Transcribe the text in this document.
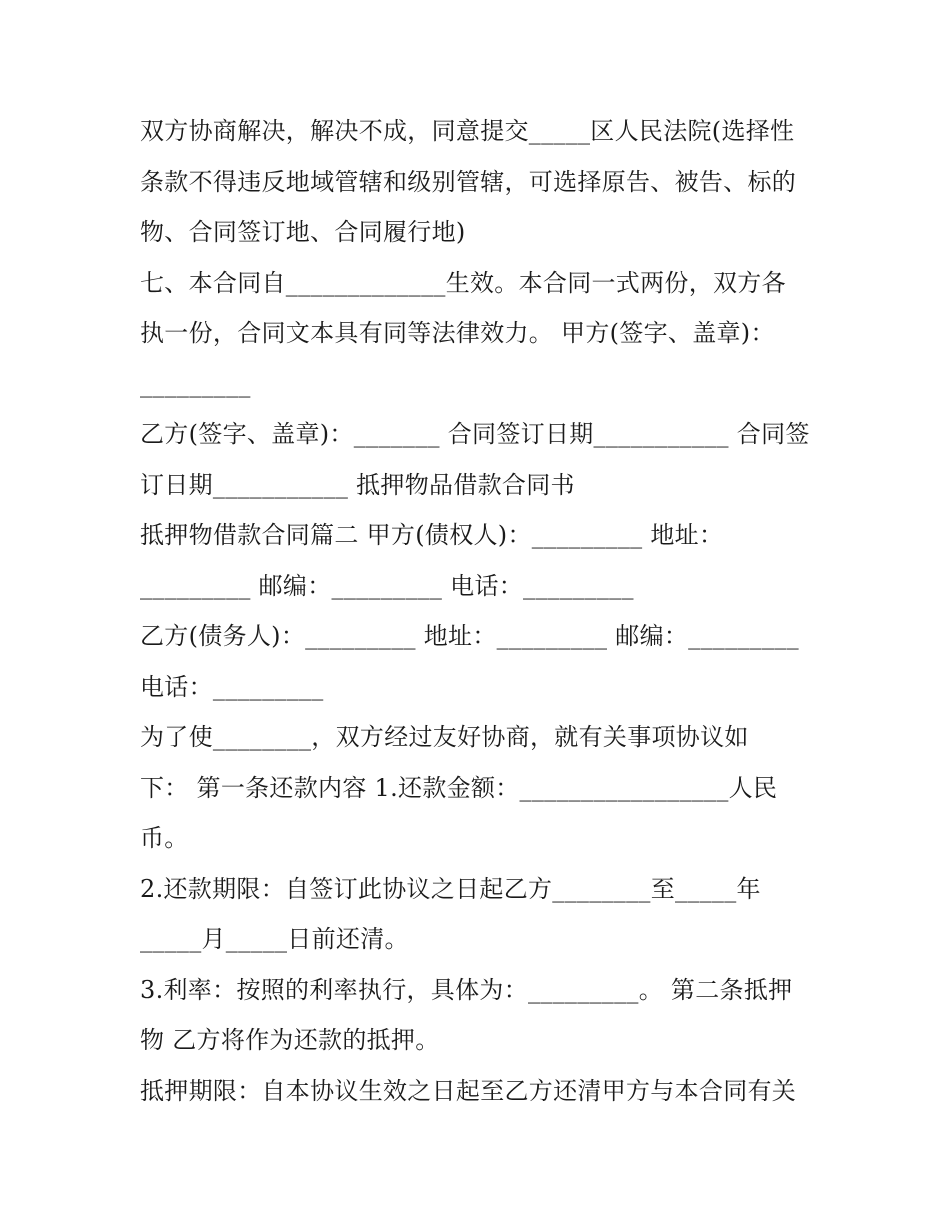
双方协商解决，解决不成，同意提交_____区人民法院(选择性
条款不得违反地域管辖和级别管辖，可选择原告、被告、标的
物、合同签订地、合同履行地)
七、本合同自_____________生效。本合同一式两份，双方各
执一份，合同文本具有同等法律效力。 甲方(签字、盖章)：
_________
乙方(签字、盖章)：_______ 合同签订日期___________ 合同签
订日期___________ 抵押物品借款合同书
抵押物借款合同篇二 甲方(债权人)：_________ 地址：
_________ 邮编：_________ 电话：_________
乙方(债务人)：_________ 地址：_________ 邮编：_________
电话：_________
为了使________，双方经过友好协商，就有关事项协议如
下： 第一条还款内容 1.还款金额：_________________人民
币。
2.还款期限：自签订此协议之日起乙方________至_____年
_____月_____日前还清。
3.利率：按照的利率执行，具体为：_________。 第二条抵押
物 乙方将作为还款的抵押。
抵押期限：自本协议生效之日起至乙方还清甲方与本合同有关
